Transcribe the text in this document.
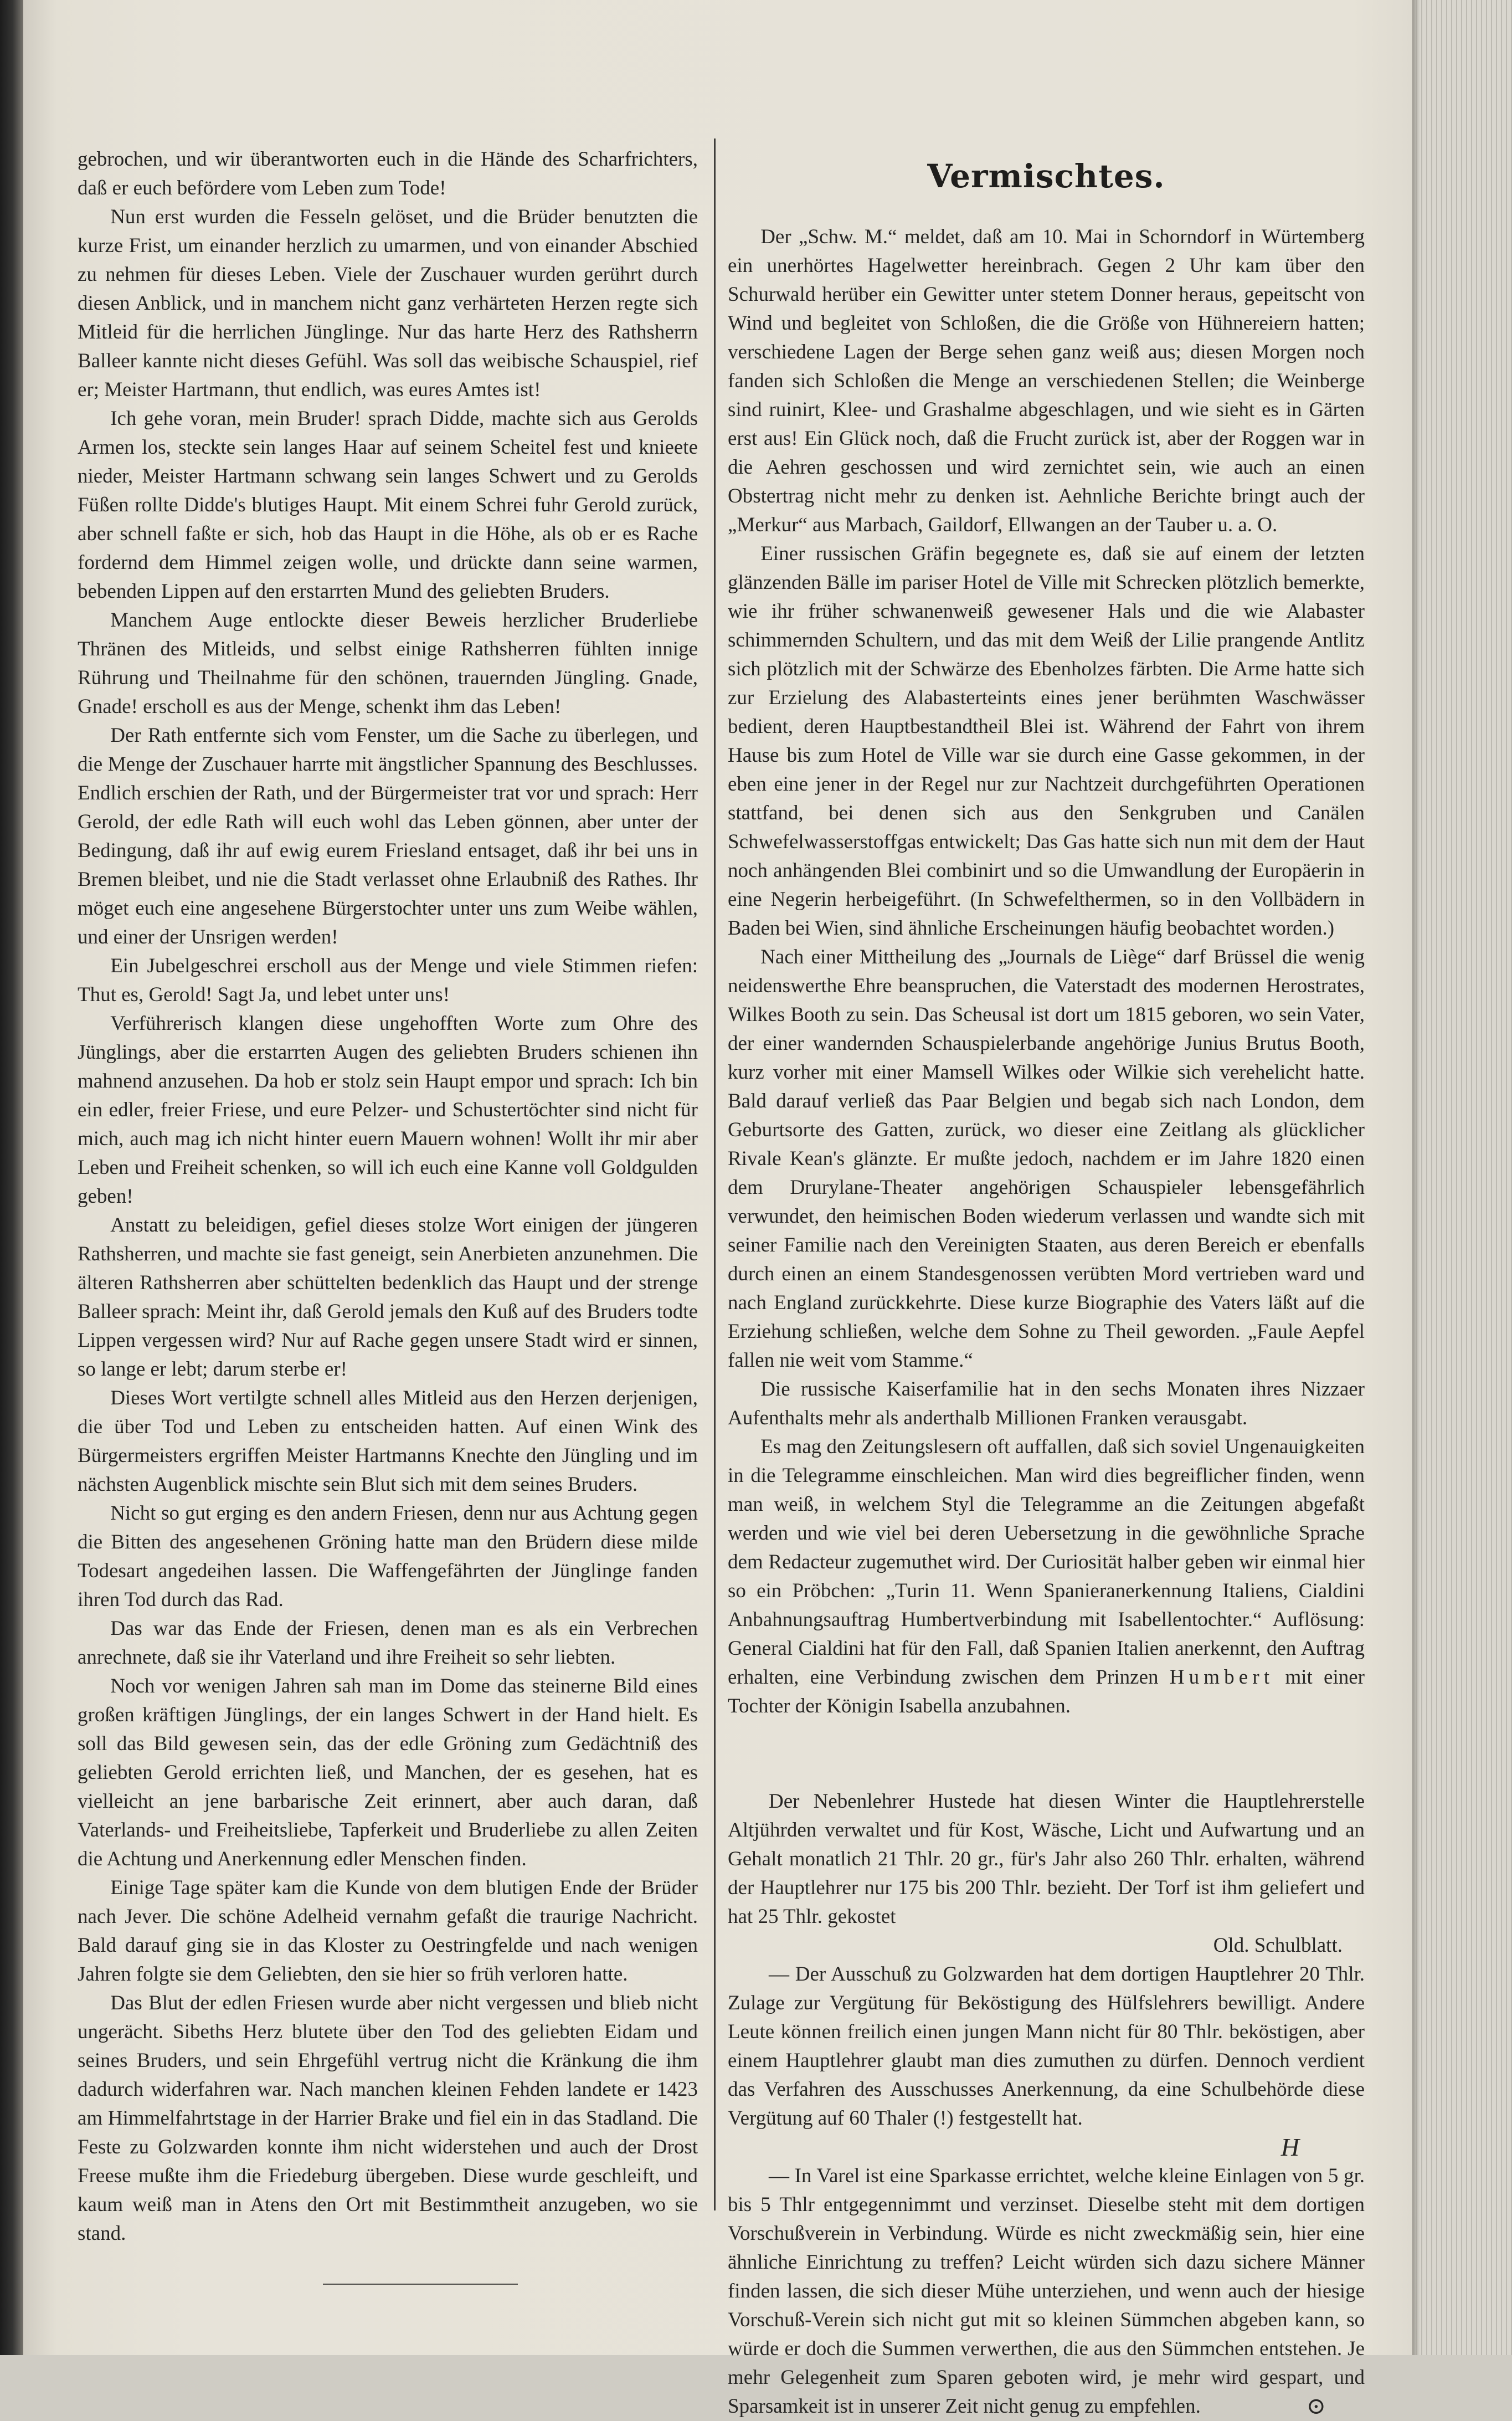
gebrochen, und wir überantworten euch in die Hände des Scharfrichters, daß er euch befördere vom Leben zum Tode!

Nun erst wurden die Fesseln gelöset, und die Brüder benutzten die kurze Frist, um einander herzlich zu umarmen, und von einander Abschied zu nehmen für dieses Leben. Viele der Zuschauer wurden gerührt durch diesen Anblick, und in manchem nicht ganz verhärteten Herzen regte sich Mitleid für die herrlichen Jünglinge. Nur das harte Herz des Rathsherrn Balleer kannte nicht dieses Gefühl. Was soll das weibische Schauspiel, rief er; Meister Hartmann, thut endlich, was eures Amtes ist!

Ich gehe voran, mein Bruder! sprach Didde, machte sich aus Gerolds Armen los, steckte sein langes Haar auf seinem Scheitel fest und knieete nieder, Meister Hartmann schwang sein langes Schwert und zu Gerolds Füßen rollte Didde's blutiges Haupt. Mit einem Schrei fuhr Gerold zurück, aber schnell faßte er sich, hob das Haupt in die Höhe, als ob er es Rache fordernd dem Himmel zeigen wolle, und drückte dann seine warmen, bebenden Lippen auf den erstarrten Mund des geliebten Bruders.

Manchem Auge entlockte dieser Beweis herzlicher Bruderliebe Thränen des Mitleids, und selbst einige Rathsherren fühlten innige Rührung und Theilnahme für den schönen, trauernden Jüngling. Gnade, Gnade! erscholl es aus der Menge, schenkt ihm das Leben!

Der Rath entfernte sich vom Fenster, um die Sache zu überlegen, und die Menge der Zuschauer harrte mit ängstlicher Spannung des Beschlusses. Endlich erschien der Rath, und der Bürgermeister trat vor und sprach: Herr Gerold, der edle Rath will euch wohl das Leben gönnen, aber unter der Bedingung, daß ihr auf ewig eurem Friesland entsaget, daß ihr bei uns in Bremen bleibet, und nie die Stadt verlasset ohne Erlaubniß des Rathes. Ihr möget euch eine angesehene Bürgerstochter unter uns zum Weibe wählen, und einer der Unsrigen werden!

Ein Jubelgeschrei erscholl aus der Menge und viele Stimmen riefen: Thut es, Gerold! Sagt Ja, und lebet unter uns!

Verführerisch klangen diese ungehofften Worte zum Ohre des Jünglings, aber die erstarrten Augen des geliebten Bruders schienen ihn mahnend anzusehen. Da hob er stolz sein Haupt empor und sprach: Ich bin ein edler, freier Friese, und eure Pelzer- und Schustertöchter sind nicht für mich, auch mag ich nicht hinter euern Mauern wohnen! Wollt ihr mir aber Leben und Freiheit schenken, so will ich euch eine Kanne voll Goldgulden geben!

Anstatt zu beleidigen, gefiel dieses stolze Wort einigen der jüngeren Rathsherren, und machte sie fast geneigt, sein Anerbieten anzunehmen. Die älteren Rathsherren aber schüttelten bedenklich das Haupt und der strenge Balleer sprach: Meint ihr, daß Gerold jemals den Kuß auf des Bruders todte Lippen vergessen wird? Nur auf Rache gegen unsere Stadt wird er sinnen, so lange er lebt; darum sterbe er!

Dieses Wort vertilgte schnell alles Mitleid aus den Herzen derjenigen, die über Tod und Leben zu entscheiden hatten. Auf einen Wink des Bürgermeisters ergriffen Meister Hartmanns Knechte den Jüngling und im nächsten Augenblick mischte sein Blut sich mit dem seines Bruders.

Nicht so gut erging es den andern Friesen, denn nur aus Achtung gegen die Bitten des angesehenen Gröning hatte man den Brüdern diese milde Todesart angedeihen lassen. Die Waffengefährten der Jünglinge fanden ihren Tod durch das Rad.

Das war das Ende der Friesen, denen man es als ein Verbrechen anrechnete, daß sie ihr Vaterland und ihre Freiheit so sehr liebten.

Noch vor wenigen Jahren sah man im Dome das steinerne Bild eines großen kräftigen Jünglings, der ein langes Schwert in der Hand hielt. Es soll das Bild gewesen sein, das der edle Gröning zum Gedächtniß des geliebten Gerold errichten ließ, und Manchen, der es gesehen, hat es vielleicht an jene barbarische Zeit erinnert, aber auch daran, daß Vaterlands- und Freiheitsliebe, Tapferkeit und Bruderliebe zu allen Zeiten die Achtung und Anerkennung edler Menschen finden.

Einige Tage später kam die Kunde von dem blutigen Ende der Brüder nach Jever. Die schöne Adelheid vernahm gefaßt die traurige Nachricht. Bald darauf ging sie in das Kloster zu Oestringfelde und nach wenigen Jahren folgte sie dem Geliebten, den sie hier so früh verloren hatte.

Das Blut der edlen Friesen wurde aber nicht vergessen und blieb nicht ungerächt. Sibeths Herz blutete über den Tod des geliebten Eidam und seines Bruders, und sein Ehrgefühl vertrug nicht die Kränkung die ihm dadurch widerfahren war. Nach manchen kleinen Fehden landete er 1423 am Himmelfahrtstage in der Harrier Brake und fiel ein in das Stadland. Die Feste zu Golzwarden konnte ihm nicht widerstehen und auch der Drost Freese mußte ihm die Friedeburg übergeben. Diese wurde geschleift, und kaum weiß man in Atens den Ort mit Bestimmtheit anzugeben, wo sie stand.

Vermischtes.

Der „Schw. M.“ meldet, daß am 10. Mai in Schorndorf in Würtemberg ein unerhörtes Hagelwetter hereinbrach. Gegen 2 Uhr kam über den Schurwald herüber ein Gewitter unter stetem Donner heraus, gepeitscht von Wind und begleitet von Schloßen, die die Größe von Hühnereiern hatten; verschiedene Lagen der Berge sehen ganz weiß aus; diesen Morgen noch fanden sich Schloßen die Menge an verschiedenen Stellen; die Weinberge sind ruinirt, Klee- und Grashalme abgeschlagen, und wie sieht es in Gärten erst aus! Ein Glück noch, daß die Frucht zurück ist, aber der Roggen war in die Aehren geschossen und wird zernichtet sein, wie auch an einen Obstertrag nicht mehr zu denken ist. Aehnliche Berichte bringt auch der „Merkur“ aus Marbach, Gaildorf, Ellwangen an der Tauber u. a. O.

Einer russischen Gräfin begegnete es, daß sie auf einem der letzten glänzenden Bälle im pariser Hotel de Ville mit Schrecken plötzlich bemerkte, wie ihr früher schwanenweiß gewesener Hals und die wie Alabaster schimmernden Schultern, und das mit dem Weiß der Lilie prangende Antlitz sich plötzlich mit der Schwärze des Ebenholzes färbten. Die Arme hatte sich zur Erzielung des Alabasterteints eines jener berühmten Waschwässer bedient, deren Hauptbestandtheil Blei ist. Während der Fahrt von ihrem Hause bis zum Hotel de Ville war sie durch eine Gasse gekommen, in der eben eine jener in der Regel nur zur Nachtzeit durchgeführten Operationen stattfand, bei denen sich aus den Senkgruben und Canälen Schwefelwasserstoffgas entwickelt; Das Gas hatte sich nun mit dem der Haut noch anhängenden Blei combinirt und so die Umwandlung der Europäerin in eine Negerin herbeigeführt. (In Schwefelthermen, so in den Vollbädern in Baden bei Wien, sind ähnliche Erscheinungen häufig beobachtet worden.)

Nach einer Mittheilung des „Journals de Liège“ darf Brüssel die wenig neidenswerthe Ehre beanspruchen, die Vaterstadt des modernen Herostrates, Wilkes Booth zu sein. Das Scheusal ist dort um 1815 geboren, wo sein Vater, der einer wandernden Schauspielerbande angehörige Junius Brutus Booth, kurz vorher mit einer Mamsell Wilkes oder Wilkie sich verehelicht hatte. Bald darauf verließ das Paar Belgien und begab sich nach London, dem Geburtsorte des Gatten, zurück, wo dieser eine Zeitlang als glücklicher Rivale Kean's glänzte. Er mußte jedoch, nachdem er im Jahre 1820 einen dem Drurylane-Theater angehörigen Schauspieler lebensgefährlich verwundet, den heimischen Boden wiederum verlassen und wandte sich mit seiner Familie nach den Vereinigten Staaten, aus deren Bereich er ebenfalls durch einen an einem Standesgenossen verübten Mord vertrieben ward und nach England zurückkehrte. Diese kurze Biographie des Vaters läßt auf die Erziehung schließen, welche dem Sohne zu Theil geworden. „Faule Aepfel fallen nie weit vom Stamme.“

Die russische Kaiserfamilie hat in den sechs Monaten ihres Nizzaer Aufenthalts mehr als anderthalb Millionen Franken verausgabt.

Es mag den Zeitungslesern oft auffallen, daß sich soviel Ungenauigkeiten in die Telegramme einschleichen. Man wird dies begreiflicher finden, wenn man weiß, in welchem Styl die Telegramme an die Zeitungen abgefaßt werden und wie viel bei deren Uebersetzung in die gewöhnliche Sprache dem Redacteur zugemuthet wird. Der Curiosität halber geben wir einmal hier so ein Pröbchen: „Turin 11. Wenn Spanieranerkennung Italiens, Cialdini Anbahnungsauftrag Humbertverbindung mit Isabellentochter.“ Auflösung: General Cialdini hat für den Fall, daß Spanien Italien anerkennt, den Auftrag erhalten, eine Verbindung zwischen dem Prinzen Humbert mit einer Tochter der Königin Isabella anzubahnen.

Der Nebenlehrer Hustede hat diesen Winter die Hauptlehrerstelle Altjührden verwaltet und für Kost, Wäsche, Licht und Aufwartung und an Gehalt monatlich 21 Thlr. 20 gr., für's Jahr also 260 Thlr. erhalten, während der Hauptlehrer nur 175 bis 200 Thlr. bezieht. Der Torf ist ihm geliefert und hat 25 Thlr. gekostet

Old. Schulblatt.

— Der Ausschuß zu Golzwarden hat dem dortigen Hauptlehrer 20 Thlr. Zulage zur Vergütung für Beköstigung des Hülfslehrers bewilligt. Andere Leute können freilich einen jungen Mann nicht für 80 Thlr. beköstigen, aber einem Hauptlehrer glaubt man dies zumuthen zu dürfen. Dennoch verdient das Verfahren des Ausschusses Anerkennung, da eine Schulbehörde diese Vergütung auf 60 Thaler (!) festgestellt hat.

H

— In Varel ist eine Sparkasse errichtet, welche kleine Einlagen von 5 gr. bis 5 Thlr entgegennimmt und verzinset. Dieselbe steht mit dem dortigen Vorschußverein in Verbindung. Würde es nicht zweckmäßig sein, hier eine ähnliche Einrichtung zu treffen? Leicht würden sich dazu sichere Männer finden lassen, die sich dieser Mühe unterziehen, und wenn auch der hiesige Vorschuß-Verein sich nicht gut mit so kleinen Sümmchen abgeben kann, so würde er doch die Summen verwerthen, die aus den Sümmchen entstehen. Je mehr Gelegenheit zum Sparen geboten wird, je mehr wird gespart, und Sparsamkeit ist in unserer Zeit nicht genug zu empfehlen.	⊙
